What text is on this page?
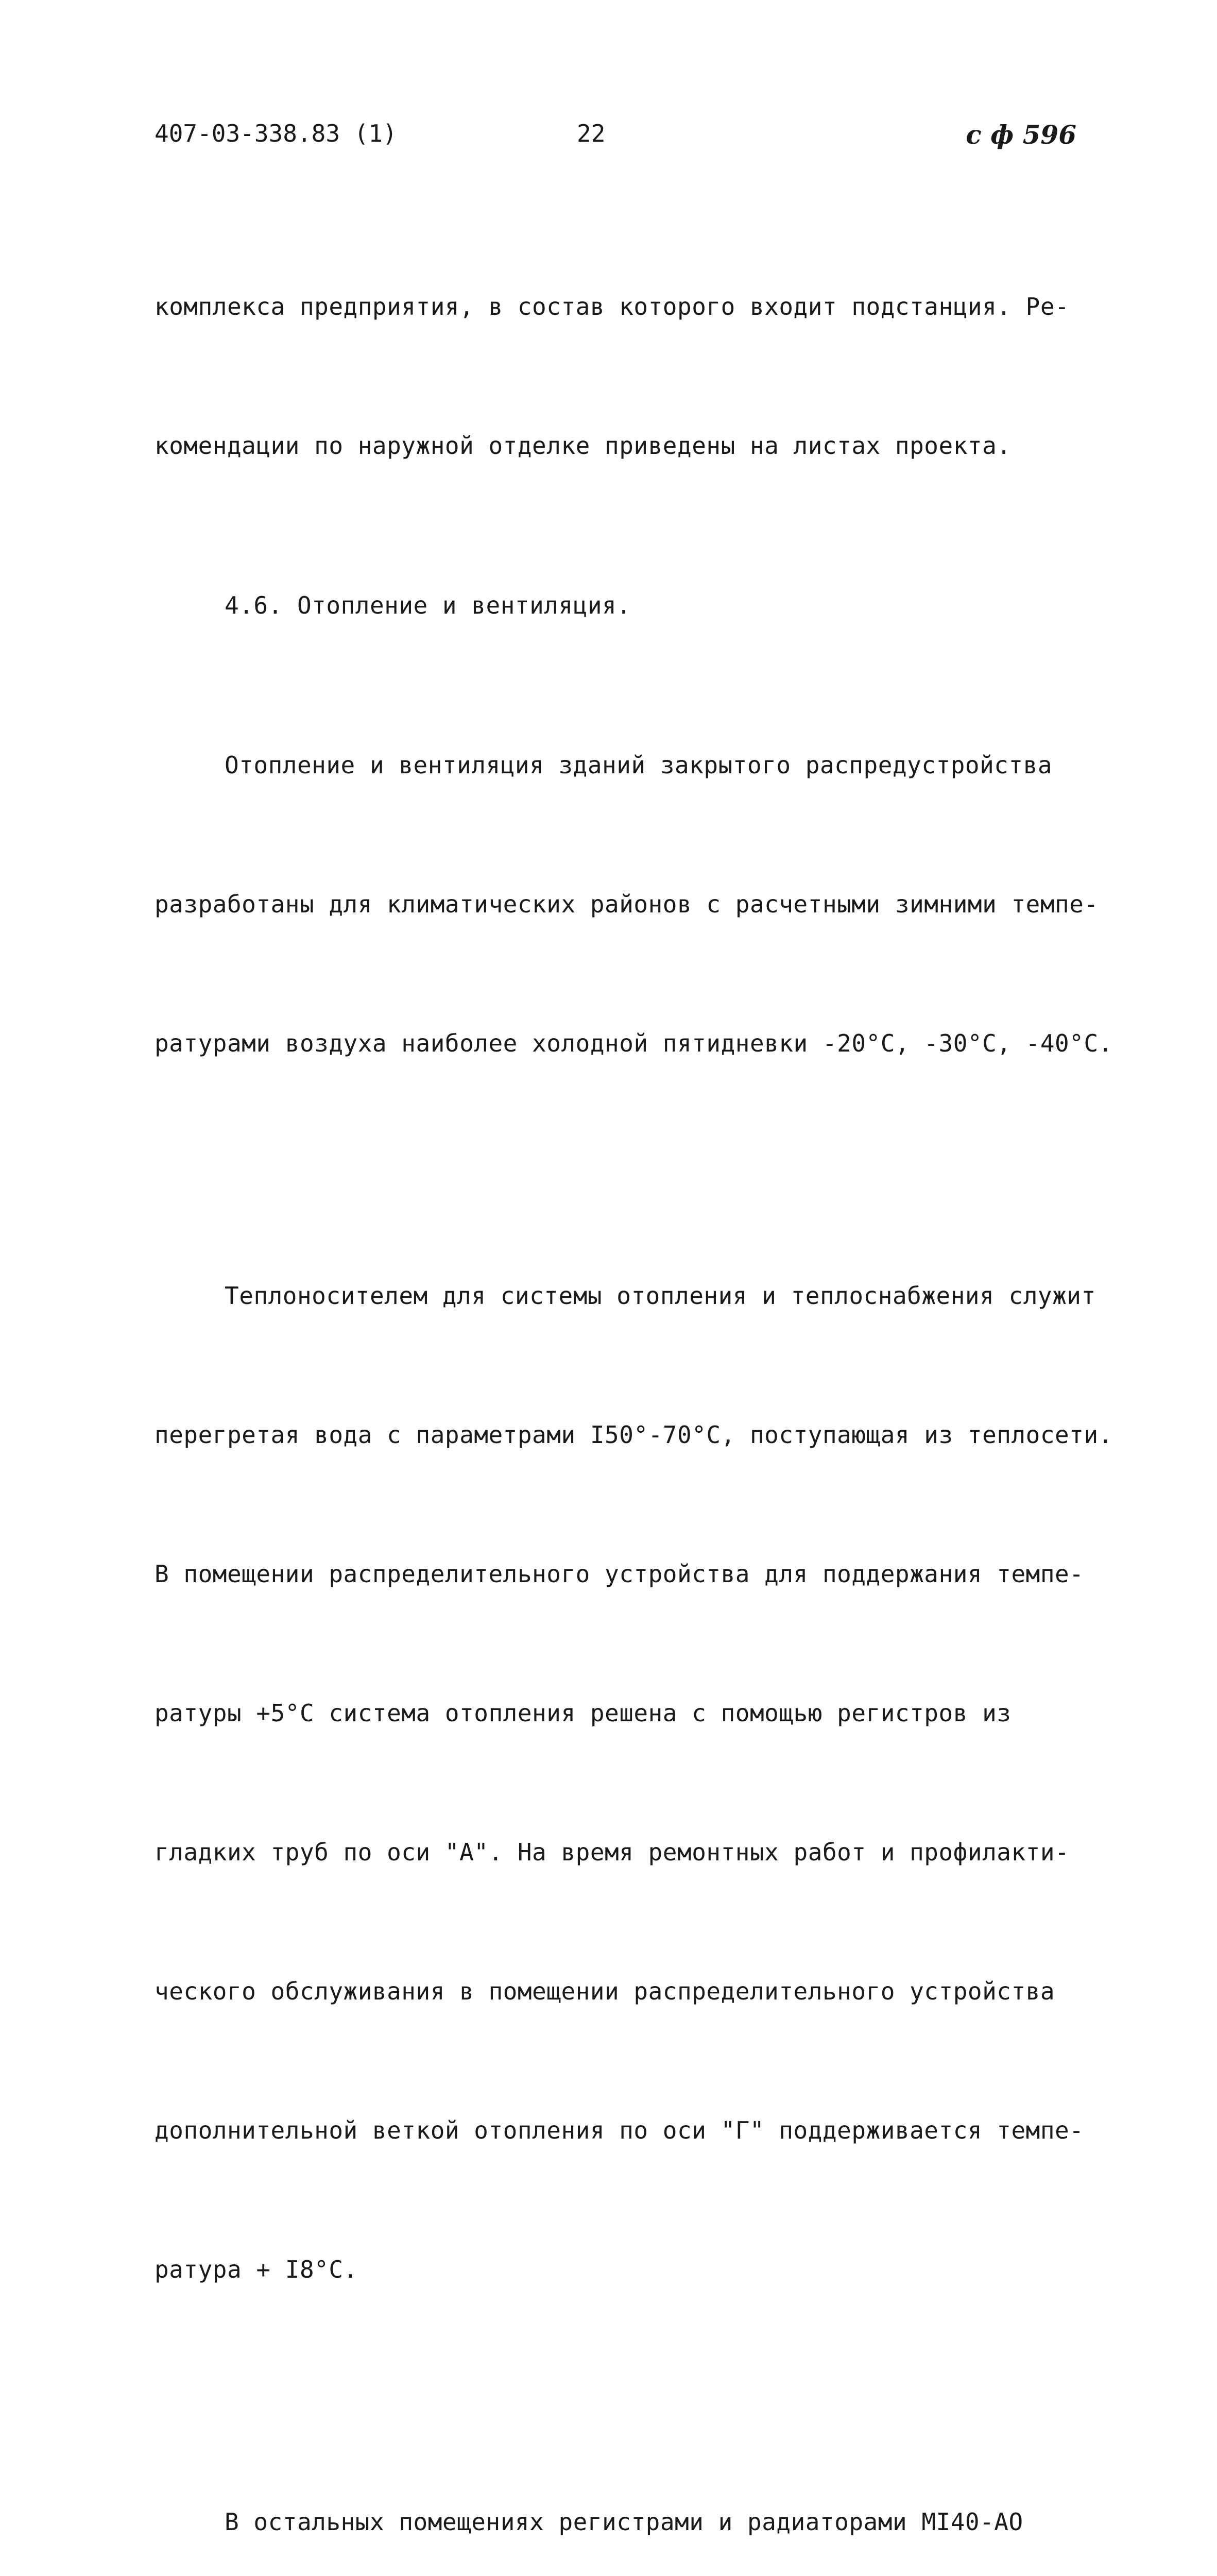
407-03-338.83 (1)	22	с ф 596

комплекса предприятия, в состав которого входит подстанция. Ре-

комендации по наружной отделке приведены на листах проекта.

4.6. Отопление и вентиляция.

Отопление и вентиляция зданий закрытого распредустройства

разработаны для климатических районов с расчетными зимними темпе-

ратурами воздуха наиболее холодной пятидневки -20°С, -30°С, -40°С.

Теплоносителем для системы отопления и теплоснабжения служит

перегретая вода с параметрами I50°-70°С, поступающая из теплосети.

В помещении распределительного устройства для поддержания темпе-

ратуры +5°С система отопления решена с помощью регистров из

гладких труб по оси "А". На время ремонтных работ и профилакти-

ческого обслуживания в помещении распределительного устройства

дополнительной веткой отопления по оси "Г" поддерживается темпе-

ратура + I8°С.

В остальных помещениях регистрами и радиаторами МI40-АО
